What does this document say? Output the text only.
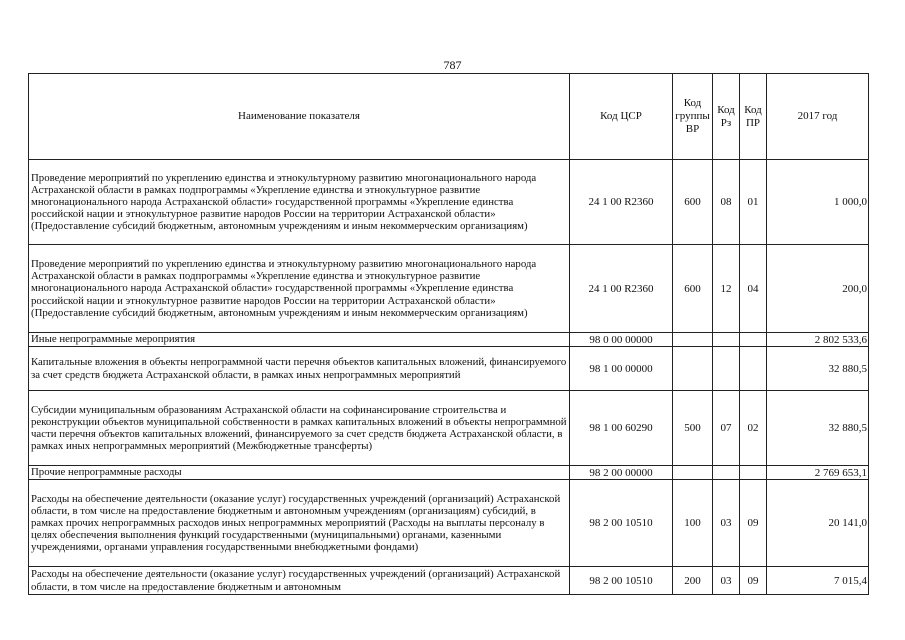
787
Наименование показателя	Код ЦСР	Код группы ВР	Код Рз	Код ПР	2017 год
Проведение мероприятий по укреплению единства и этнокультурному развитию многонационального народа Астраханской области в рамках подпрограммы «Укреплeние единства и этнокультурное развитие многонационального народа Астраханской области» государственной программы «Укрепление единства российской нации и этнокультурное развитие народов России на территории Астраханской области» (Предоставление субсидий бюджетным, автономным учреждениям и иным некоммерческим организациям)	24 1 00 R2360	600	08	01	1 000,0
Проведение мероприятий по укреплению единства и этнокультурному развитию многонационального народа Астраханской области в рамках подпрограммы «Укрепление единства и этнокультурное развитие многонационального народа Астраханской области» государственной программы «Укрепление единства российской нации и этнокультурное развитие народов России на территории Астраханской области» (Предоставление субсидий бюджетным, автономным учреждениям и иным некоммерческим организациям)	24 1 00 R2360	600	12	04	200,0
Иные непрограммные мероприятия	98 0 00 00000				2 802 533,6
Капитальные вложения в объекты непрограммной части перечня объектов капитальных вложений, финансируемого за счет средств бюджета Астраханской области, в рамках иных непрограммных мероприятий	98 1 00 00000				32 880,5
Субсидии муниципальным образованиям Астраханской области на софинансирование строительства и реконструкции объектов муниципальной собственности в рамках капитальных вложений в объекты непрограммной части перечня объектов капитальных вложений, финансируемого за счет средств бюджета Астраханской области, в рамках иных непрограммных мероприятий (Межбюджетные трансферты)	98 1 00 60290	500	07	02	32 880,5
Прочие непрограммные расходы	98 2 00 00000				2 769 653,1
Расходы на обеспечение деятельности (оказание услуг) государственных учреждений (организаций) Астраханской области, в том числе на предоставление бюджетным и автономным учреждениям (организациям) субсидий, в рамках прочих непрограммных расходов иных непрограммных мероприятий (Расходы на выплаты персоналу в целях обеспечения выполнения функций государственными (муниципальными) органами, казенными учреждениями, органами управления государственными внебюджетными фондами)	98 2 00 10510	100	03	09	20 141,0
Расходы на обеспечение деятельности (оказание услуг) государственных учреждений (организаций) Астраханской области, в том числе на предоставление бюджетным и автономным	98 2 00 10510	200	03	09	7 015,4
